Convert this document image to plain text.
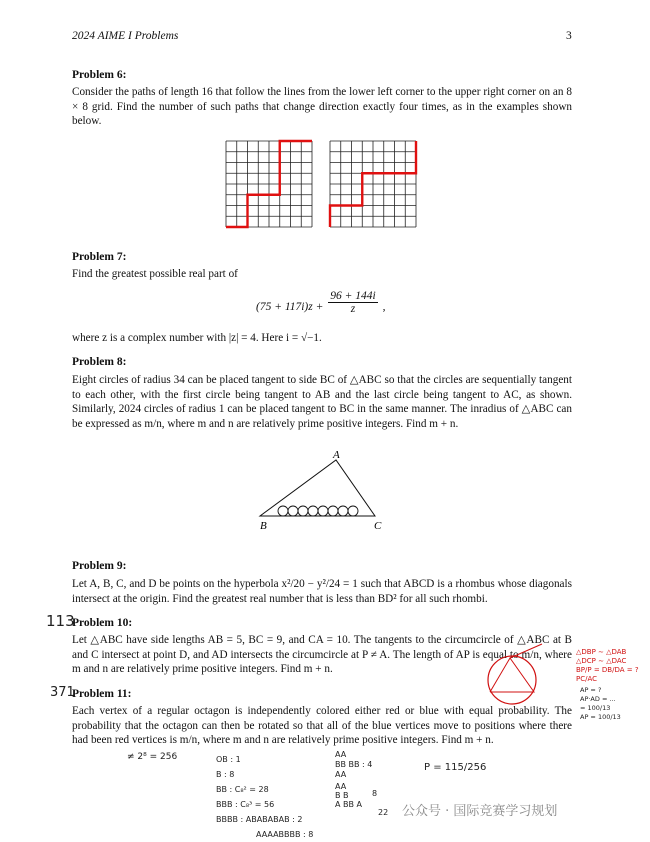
2024 AIME I Problems	3
Problem 6:
Consider the paths of length 16 that follow the lines from the lower left corner to the upper right corner on an 8 × 8 grid. Find the number of such paths that change direction exactly four times, as in the examples shown below.
Problem 7:
Find the greatest possible real part of
$(75 + 117i)z + \frac{96 + 144i}{z}$ ,
where z is a complex number with |z| = 4. Here i = √−1.
Problem 8:
Eight circles of radius 34 can be placed tangent to side BC of △ABC so that the circles are sequentially tangent to each other, with the first circle being tangent to AB and the last circle being tangent to AC, as shown. Similarly, 2024 circles of radius 1 can be placed tangent to BC in the same manner. The inradius of △ABC can be expressed as m/n, where m and n are relatively prime positive integers. Find m + n.
A
B	C
Problem 9:
Let A, B, C, and D be points on the hyperbola x²/20 − y²/24 = 1 such that ABCD is a rhombus whose diagonals intersect at the origin. Find the greatest real number that is less than BD² for all such rhombi.
113
Problem 10:
Let △ABC have side lengths AB = 5, BC = 9, and CA = 10. The tangents to the circumcircle of △ABC at B and C intersect at point D, and AD intersects the circumcircle at P ≠ A. The length of AP is equal to m/n, where m and n are relatively prime positive integers. Find m + n.
△DBP ∼ △DAB
△DCP ∼ △DAC
BP/P = DB/DA = ?
PC/AC
371
Problem 11:
Each vertex of a regular octagon is independently colored either red or blue with equal probability. The probability that the octagon can then be rotated so that all of the blue vertices move to positions where there had been red vertices is m/n, where m and n are relatively prime positive integers. Find m + n.
AP = ?
AP·AD = ...
= 100/13
AP = 100/13
≠ 2⁸ = 256	OB : 1
B : 8
BB : C₈² = 28
BBB : C₈³ = 56
BBBB : ABABABAB : 2
AAAABBBB : 8
AA
BB BB : 4
AA
AA
B B
A BB A
8
22
P = 115/256
公众号 · 国际竞赛学习规划
